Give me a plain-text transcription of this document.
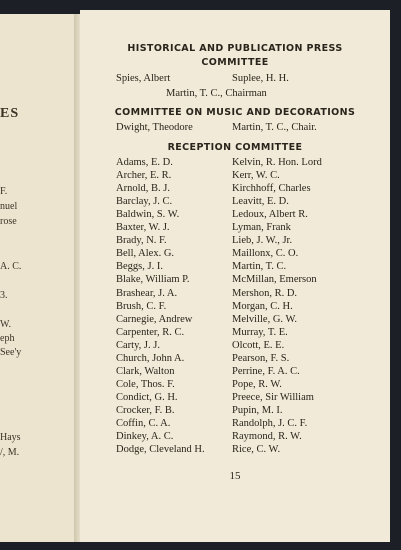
ES
F.
nuel
rose
A. C.
3.
W.
eph
See'y
Hays
/, M.
HISTORICAL AND PUBLICATION PRESS
COMMITTEE
Spies, Albert	Suplee, H. H.
Martin, T. C., Chairman
COMMITTEE ON MUSIC AND DECORATIONS
Dwight, Theodore	Martin, T. C., Chair.
RECEPTION COMMITTEE
15
Adams, E. D.
Archer, E. R.
Arnold, B. J.
Barclay, J. C.
Baldwin, S. W.
Baxter, W. J.
Brady, N. F.
Bell, Alex. G.
Beggs, J. I.
Blake, William P.
Brashear, J. A.
Brush, C. F.
Carnegie, Andrew
Carpenter, R. C.
Carty, J. J.
Church, John A.
Clark, Walton
Cole, Thos. F.
Condict, G. H.
Crocker, F. B.
Coffin, C. A.
Dinkey, A. C.
Dodge, Cleveland H.
Kelvin, R. Hon. Lord
Kerr, W. C.
Kirchhoff, Charles
Leavitt, E. D.
Ledoux, Albert R.
Lyman, Frank
Lieb, J. W., Jr.
Maillonx, C. O.
Martin, T. C.
McMillan, Emerson
Mershon, R. D.
Morgan, C. H.
Melville, G. W.
Murray, T. E.
Olcott, E. E.
Pearson, F. S.
Perrine, F. A. C.
Pope, R. W.
Preece, Sir William
Pupin, M. I.
Randolph, J. C. F.
Raymond, R. W.
Rice, C. W.
